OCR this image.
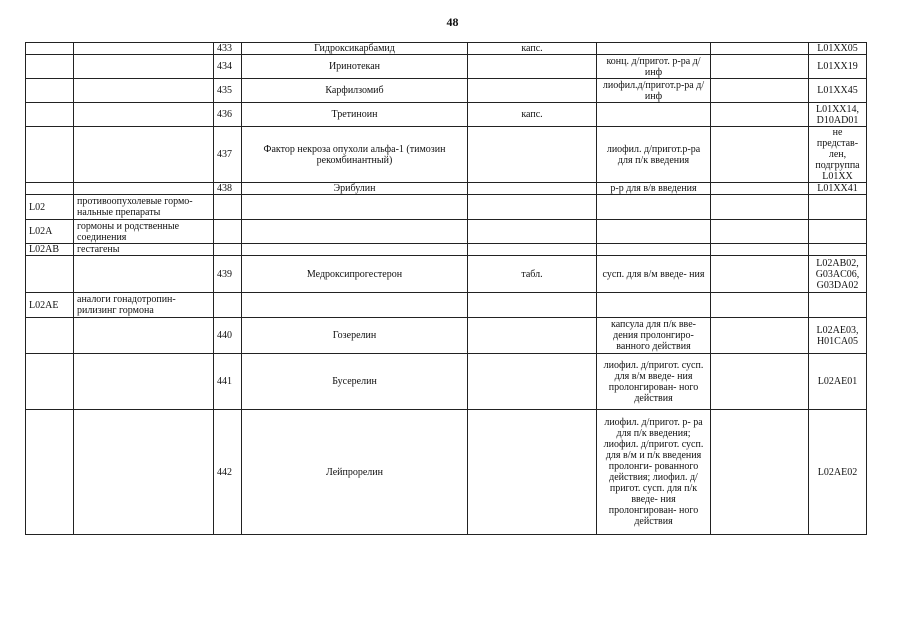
48
		433	Гидроксикарбамид	капс.			L01XX05
		434	Иринотекан		конц. д/пригот. р-ра д/инф		L01XX19
		435	Карфилзомиб		лиофил.д/пригот.р-ра д/инф		L01XX45
		436	Третиноин	капс.			L01XX14, D10AD01
		437	Фактор некроза опухоли альфа-1 (тимозин рекомбинантный)		лиофил. д/пригот.р-ра для п/к введения		не представ- лен, подгруппа L01XX
		438	Эрибулин		р-р для в/в введения		L01XX41
L02	противоопухолевые гормо- нальные препараты						
L02A	гормоны и родственные соединения						
L02AB	гестагены						
		439	Медроксипрогестерон	табл.	сусп. для в/м введе- ния		L02AB02, G03AC06, G03DA02
L02AE	аналоги гонадотропин- рилизинг гормона						
		440	Гозерелин		капсула для п/к вве- дения пролонгиро- ванного действия		L02AE03, H01CA05
		441	Бусерелин		лиофил. д/пригот. сусп. для в/м введе- ния пролонгирован- ного действия		L02AE01
		442	Лейпрорелин		лиофил. д/пригот. р- ра для п/к введения; лиофил. д/пригот. сусп. для в/м и п/к введения пролонги- рованного действия; лиофил. д/пригот. сусп. для п/к введе- ния пролонгирован- ного действия		L02AE02
